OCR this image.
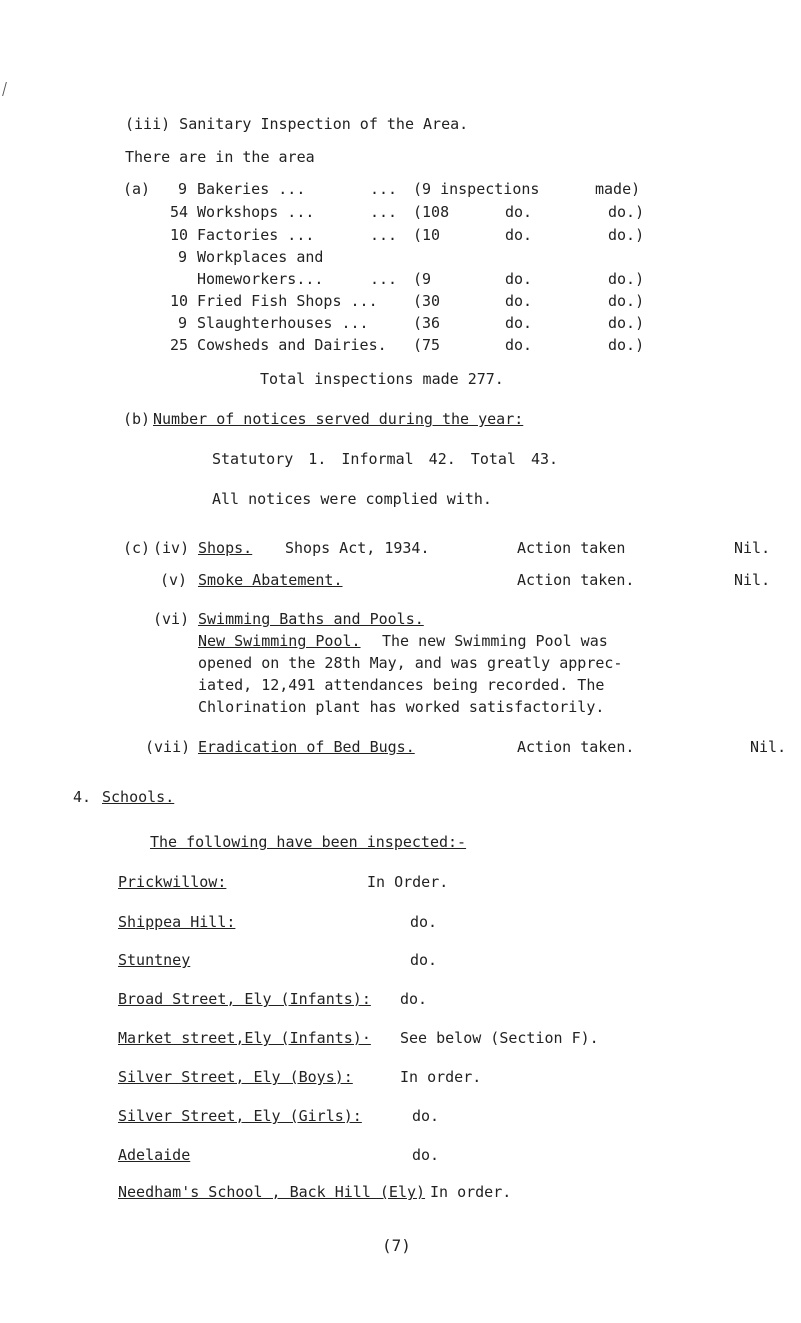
(iii) Sanitary Inspection of the Area.
There are in the area
(a) 9 Bakeries ...	... (9 inspections	made)
54 Workshops ...	... (108	do.	do.)
10 Factories ...	... (10	do.	do.)
9 Workplaces and
Homeworkers...	... (9	do.	do.)
10 Fried Fish Shops ... (30	do.	do.)
9 Slaughterhouses ...	(36	do.	do.)
25 Cowsheds and Dairies. (75	do.	do.)
Total inspections made 277.
(b) Number of notices served during the year:
Statutory 1. Informal 42. Total 43.
All notices were complied with.
(c) (iv) Shops. Shops Act, 1934.	Action taken	Nil.
(v) Smoke Abatement.	Action taken.	Nil.
(vi) Swimming Baths and Pools.
New Swimming Pool. The new Swimming Pool was
opened on the 28th May, and was greatly apprec-
iated, 12,491 attendances being recorded. The
Chlorination plant has worked satisfactorily.
(vii) Eradication of Bed Bugs.	Action taken.	Nil.
4. Schools.
The following have been inspected:-
Prickwillow:	In Order.
Shippea Hill:	do.
Stuntney	do.
Broad Street, Ely (Infants): do.
Market street,Ely (Infants)· See below (Section F).
Silver Street, Ely (Boys):	In order.
Silver Street, Ely (Girls):	do.
Adelaide	do.
Needham's School , Back Hill (Ely) In order.
(7)
